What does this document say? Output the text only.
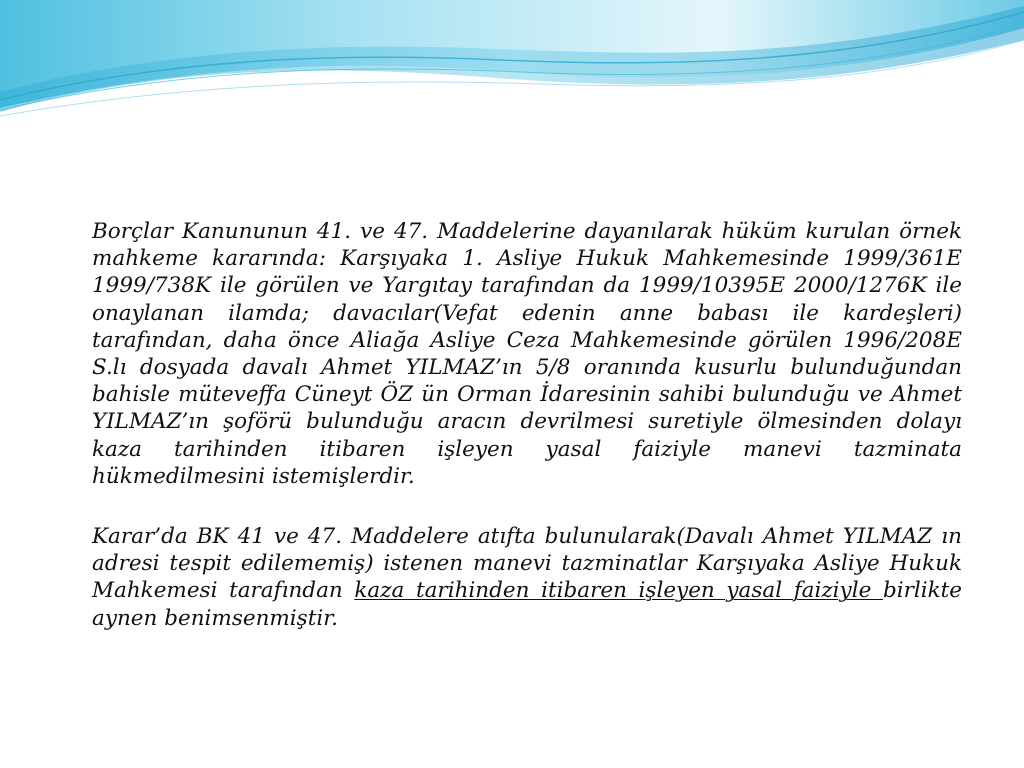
Borçlar Kanununun 41. ve 47. Maddelerine dayanılarak hüküm kurulan örnek mahkeme kararında: Karşıyaka 1. Asliye Hukuk Mahkemesinde 1999/361E 1999/738K ile görülen ve Yargıtay tarafından da 1999/10395E 2000/1276K ile onaylanan ilamda; davacılar(Vefat edenin anne babası ile kardeşleri) tarafından, daha önce Aliağa Asliye Ceza Mahkemesinde görülen 1996/208E S.lı dosyada davalı Ahmet YILMAZ’ın 5/8 oranında kusurlu bulunduğundan bahisle müteveffa Cüneyt ÖZ ün Orman İdaresinin sahibi bulunduğu ve Ahmet YILMAZ’ın şoförü bulunduğu aracın devrilmesi suretiyle ölmesinden dolayı kaza tarihinden itibaren işleyen yasal faiziyle manevi tazminata hükmedilmesini istemişlerdir.

Karar’da BK 41 ve 47. Maddelere atıfta bulunularak(Davalı Ahmet YILMAZ ın adresi tespit edilememiş) istenen manevi tazminatlar Karşıyaka Asliye Hukuk Mahkemesi tarafından kaza tarihinden itibaren işleyen yasal faiziyle birlikte aynen benimsenmiştir.
